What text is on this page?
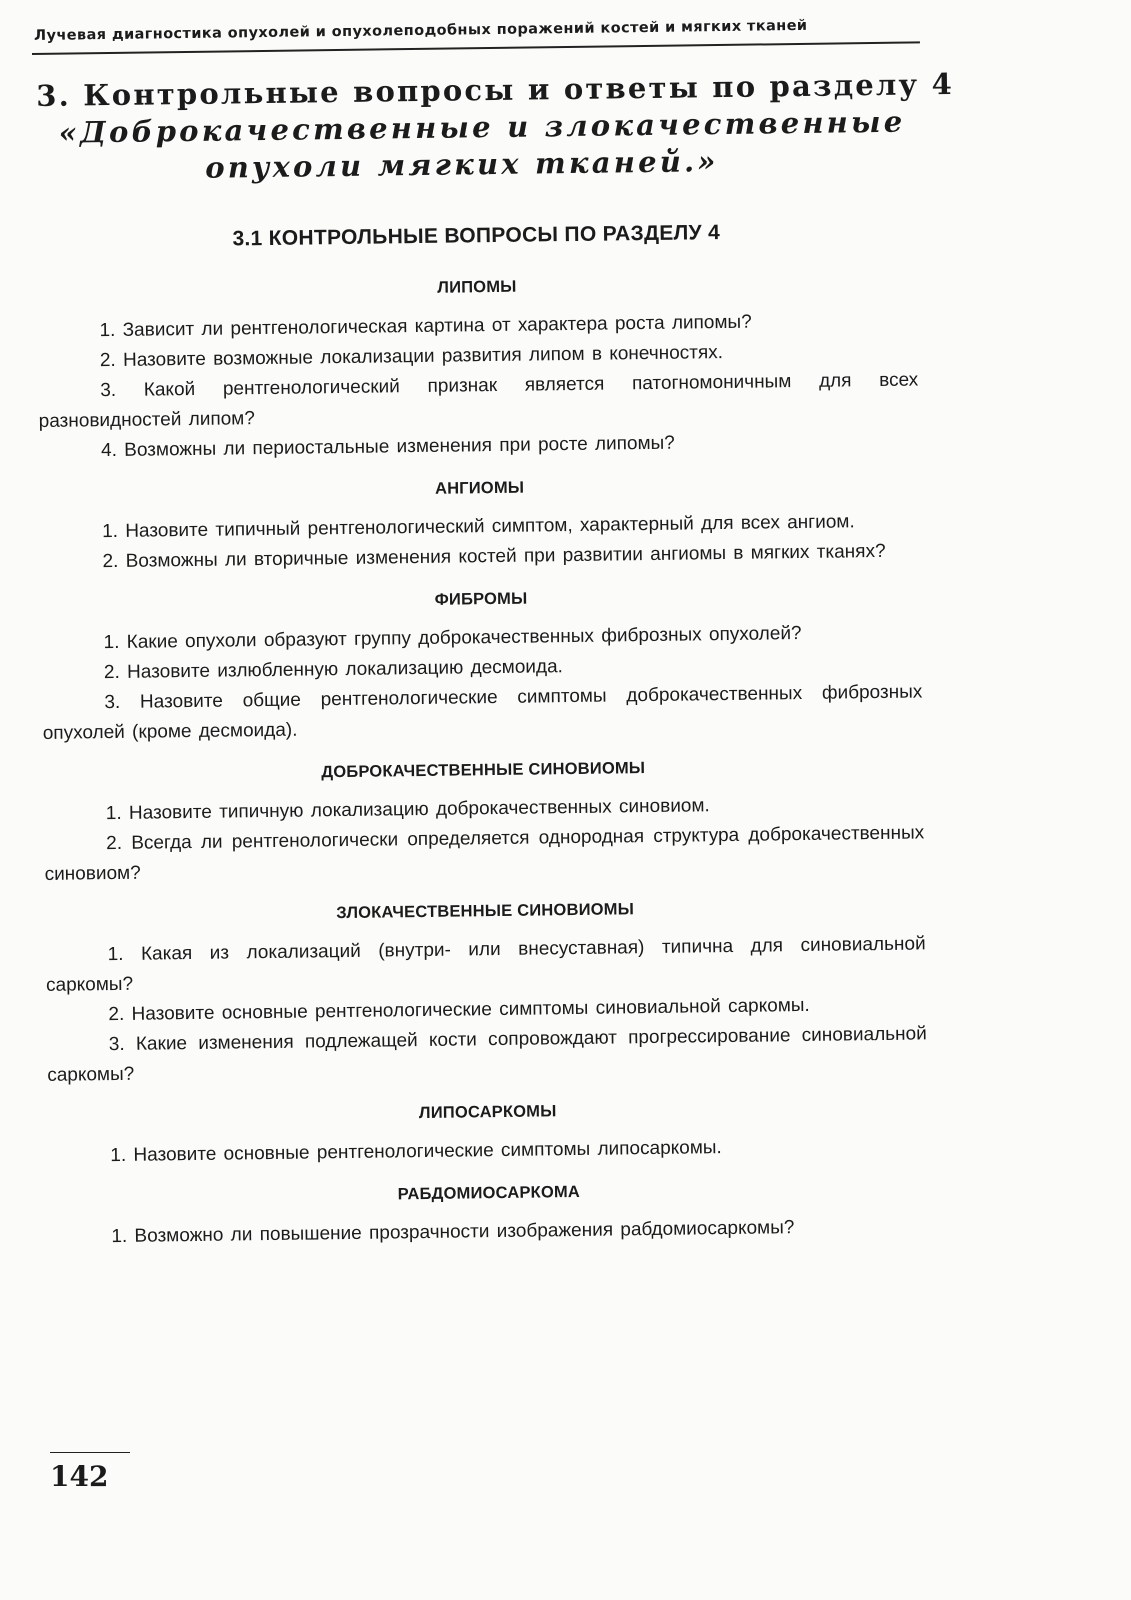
Лучевая диагностика опухолей и опухолеподобных поражений костей и мягких тканей
3. Контрольные вопросы и ответы по разделу 4
«Доброкачественные и злокачественные
опухоли мягких тканей.»
3.1 КОНТРОЛЬНЫЕ ВОПРОСЫ ПО РАЗДЕЛУ 4
ЛИПОМЫ

1. Зависит ли рентгенологическая картина от характера роста липомы?

2. Назовите возможные локализации развития липом в конечностях.

3. Какой рентгенологический признак является патогномоничным для всех разновидностей липом?

4. Возможны ли периостальные изменения при росте липомы?

АНГИОМЫ

1. Назовите типичный рентгенологический симптом, характерный для всех ангиом.

2. Возможны ли вторичные изменения костей при развитии ангиомы в мягких тканях?

ФИБРОМЫ

1. Какие опухоли образуют группу доброкачественных фиброзных опухолей?

2. Назовите излюбленную локализацию десмоида.

3. Назовите общие рентгенологические симптомы доброкачественных фиброзных опухолей (кроме десмоида).

ДОБРОКАЧЕСТВЕННЫЕ СИНОВИОМЫ

1. Назовите типичную локализацию доброкачественных синовиом.

2. Всегда ли рентгенологически определяется однородная структура доброкачественных синовиом?

ЗЛОКАЧЕСТВЕННЫЕ СИНОВИОМЫ

1. Какая из локализаций (внутри- или внесуставная) типична для синовиальной саркомы?

2. Назовите основные рентгенологические симптомы синовиальной саркомы.

3. Какие изменения подлежащей кости сопровождают прогрессирование синовиальной саркомы?

ЛИПОСАРКОМЫ

1. Назовите основные рентгенологические симптомы липосаркомы.

РАБДОМИОСАРКОМА

1. Возможно ли повышение прозрачности изображения рабдомиосаркомы?

142
